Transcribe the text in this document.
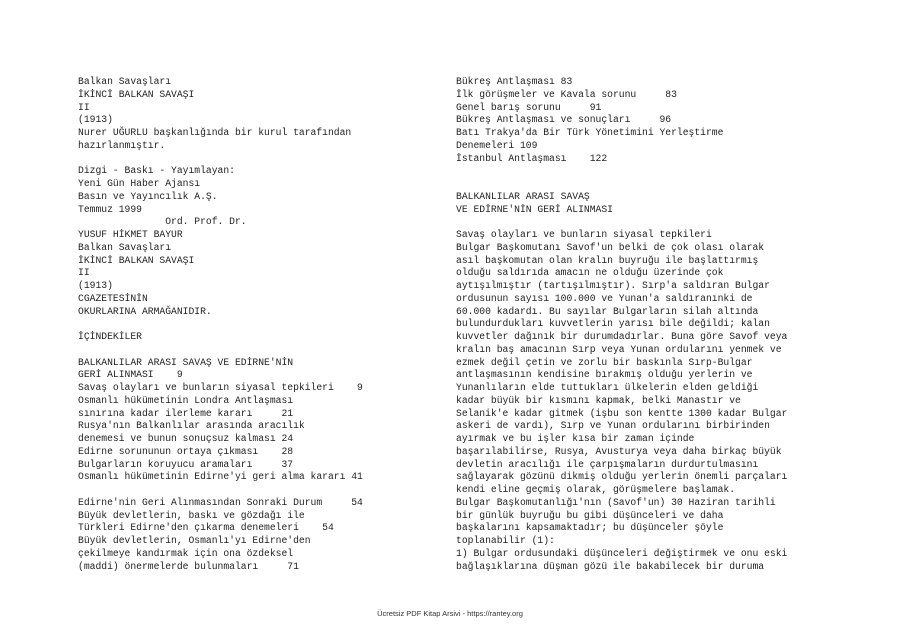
Balkan Savaşları
İKİNCİ BALKAN SAVAŞI
II
(1913)
Nurer UĞURLU başkanlığında bir kurul tarafından
hazırlanmıştır.
Dizgi - Baskı - Yayımlayan:
Yeni Gün Haber Ajansı
Basın ve Yayıncılık A.Ş.
Temmuz 1999
Ord. Prof. Dr.
YUSUF HİKMET BAYUR
Balkan Savaşları
İKİNCİ BALKAN SAVAŞI
II
(1913)
CGAZETESİNİN
OKURLARINA ARMAĞANIDIR.
İÇİNDEKİLER
BALKANLILAR ARASI SAVAŞ VE EDİRNE'NİN
GERİ ALINMASI    9
Savaş olayları ve bunların siyasal tepkileri    9
Osmanlı hükümetinin Londra Antlaşması
sınırına kadar ilerleme kararı     21
Rusya'nın Balkanlılar arasında aracılık
denemesi ve bunun sonuçsuz kalması 24
Edirne sorununun ortaya çıkması    28
Bulgarların koruyucu aramaları     37
Osmanlı hükümetinin Edirne'yi geri alma kararı 41
Edirne'nin Geri Alınmasından Sonraki Durum     54
Büyük devletlerin, baskı ve gözdağı ile
Türkleri Edirne'den çıkarma denemeleri    54
Büyük devletlerin, Osmanlı'yı Edirne'den
çekilmeye kandırmak için ona özdeksel
(maddi) önermelerde bulunmaları     71
Bükreş Antlaşması 83
İlk görüşmeler ve Kavala sorunu     83
Genel barış sorunu     91
Bükreş Antlaşması ve sonuçları     96
Batı Trakya'da Bir Türk Yönetimini Yerleştirme
Denemeleri 109
İstanbul Antlaşması    122
BALKANLILAR ARASI SAVAŞ
VE EDİRNE'NİN GERİ ALINMASI
Savaş olayları ve bunların siyasal tepkileri
Bulgar Başkomutanı Savof'un belki de çok olası olarak
asıl başkomutan olan kralın buyruğu ile başlattırmış
olduğu saldırıda amacın ne olduğu üzerinde çok
aytışılmıştır (tartışılmıştır). Sırp'a saldıran Bulgar
ordusunun sayısı 100.000 ve Yunan'a saldıranınki de
60.000 kadardı. Bu sayılar Bulgarların silah altında
bulundurdukları kuvvetlerin yarısı bile değildi; kalan
kuvvetler dağınık bir durumdadırlar. Buna göre Savof veya
kralın baş amacının Sırp veya Yunan ordularını yenmek ve
ezmek değil çetin ve zorlu bir baskınla Sırp-Bulgar
antlaşmasının kendisine bırakmış olduğu yerlerin ve
Yunanlıların elde tuttukları ülkelerin elden geldiği
kadar büyük bir kısmını kapmak, belki Manastır ve
Selanik'e kadar gitmek (işbu son kentte 1300 kadar Bulgar
askeri de vardı), Sırp ve Yunan ordularını birbirinden
ayırmak ve bu işler kısa bir zaman içinde
başarılabilirse, Rusya, Avusturya veya daha birkaç büyük
devletin aracılığı ile çarpışmaların durdurtulmasını
sağlayarak gözünü dikmiş olduğu yerlerin önemli parçaları
kendi eline geçmiş olarak, görüşmelere başlamak.
Bulgar Başkomutanlığı'nın (Savof'un) 30 Haziran tarihli
bir günlük buyruğu bu gibi düşünceleri ve daha
başkalarını kapsamaktadır; bu düşünceler şöyle
toplanabilir (1):
1) Bulgar ordusundaki düşünceleri değiştirmek ve onu eski
bağlaşıklarına düşman gözü ile bakabilecek bir duruma
Ücretsiz PDF Kitap Arsivi - https://rantey.org
